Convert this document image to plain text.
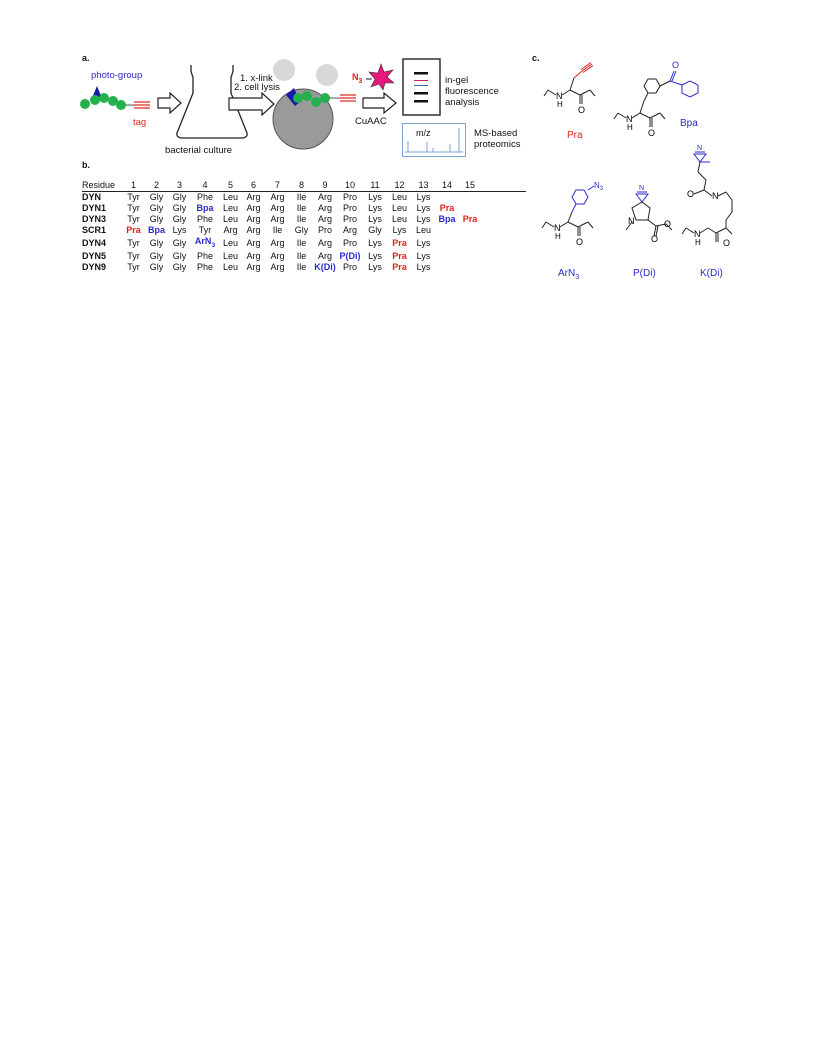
a.
photo-group
tag
bacterial culture
1. x-link
2. cell lysis
$N_3$
CuAAC
in-gel
fluorescence
analysis
m/z	MS-based
proteomics
b.
Residue	1	2	3	4	5	6	7	8	9	10	11	12	13	14	15
DYN	Tyr	Gly	Gly	Phe	Leu	Arg	Arg	Ile	Arg	Pro	Lys	Leu	Lys		
DYN1	Tyr	Gly	Gly	Bpa	Leu	Arg	Arg	Ile	Arg	Pro	Lys	Leu	Lys	Pra	
DYN3	Tyr	Gly	Gly	Phe	Leu	Arg	Arg	Ile	Arg	Pro	Lys	Leu	Lys	Bpa	Pra
SCR1	Pra	Bpa	Lys	Tyr	Arg	Arg	Ile	Gly	Pro	Arg	Gly	Lys	Leu		
DYN4	Tyr	Gly	Gly	ArN$_3$	Leu	Arg	Arg	Ile	Arg	Pro	Lys	Pra	Lys		
DYN5	Tyr	Gly	Gly	Phe	Leu	Arg	Arg	Ile	Arg	P(Di)	Lys	Pra	Lys		
DYN9	Tyr	Gly	Gly	Phe	Leu	Arg	Arg	Ile	K(Di)	Pro	Lys	Pra	Lys		
c.
N
H
O
Pra
N
H
O
O
Bpa
N
H
O
$N_3$
ArN$_3$
N
N
O
O
P(Di)
N
O N
N
H O
K(Di)
